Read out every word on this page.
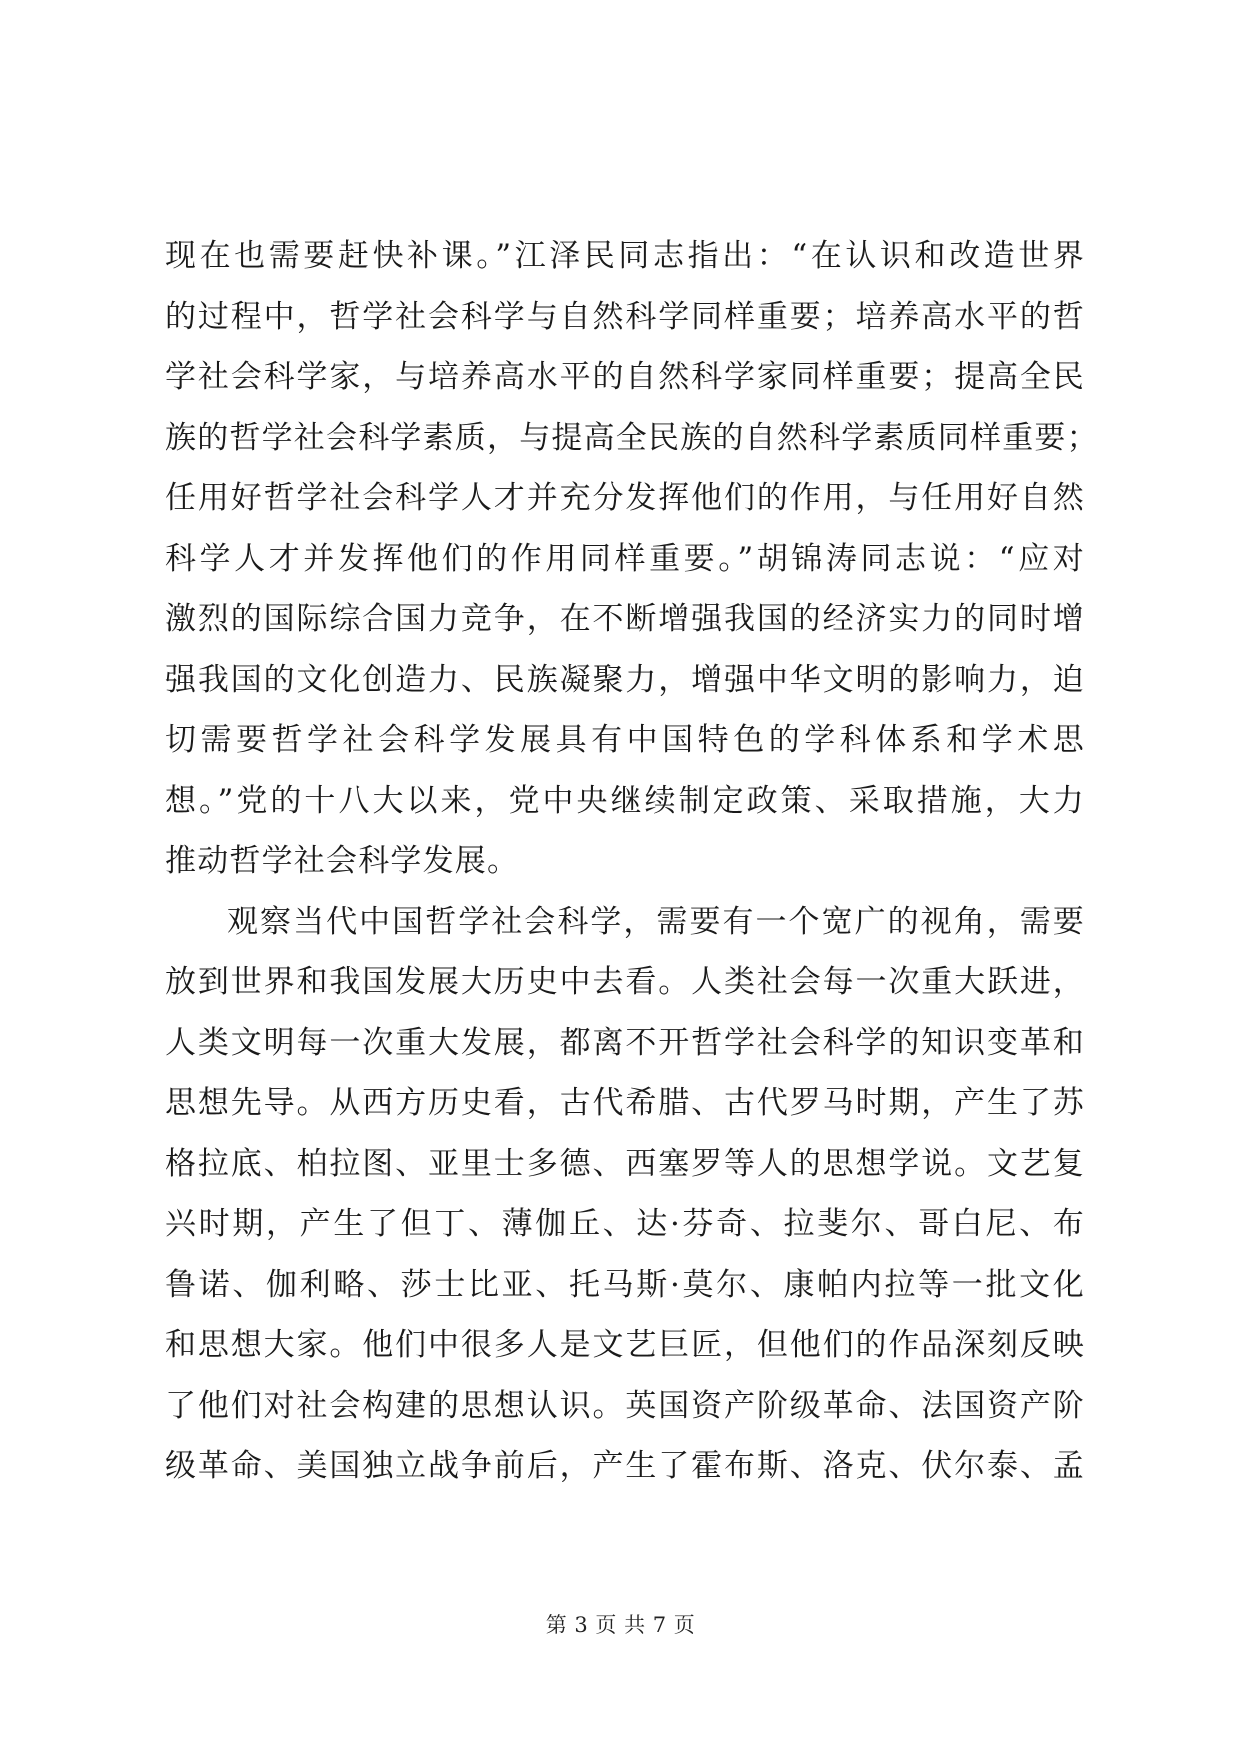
现在也需要赶快补课。”江泽民同志指出：“在认识和改造世界
的过程中，哲学社会科学与自然科学同样重要；培养高水平的哲
学社会科学家，与培养高水平的自然科学家同样重要；提高全民
族的哲学社会科学素质，与提高全民族的自然科学素质同样重要；
任用好哲学社会科学人才并充分发挥他们的作用，与任用好自然
科学人才并发挥他们的作用同样重要。”胡锦涛同志说：“应对
激烈的国际综合国力竞争，在不断增强我国的经济实力的同时增
强我国的文化创造力、民族凝聚力，增强中华文明的影响力，迫
切需要哲学社会科学发展具有中国特色的学科体系和学术思
想。”党的十八大以来，党中央继续制定政策、采取措施，大力
推动哲学社会科学发展。
观察当代中国哲学社会科学，需要有一个宽广的视角，需要
放到世界和我国发展大历史中去看。人类社会每一次重大跃进，
人类文明每一次重大发展，都离不开哲学社会科学的知识变革和
思想先导。从西方历史看，古代希腊、古代罗马时期，产生了苏
格拉底、柏拉图、亚里士多德、西塞罗等人的思想学说。文艺复
兴时期，产生了但丁、薄伽丘、达·芬奇、拉斐尔、哥白尼、布
鲁诺、伽利略、莎士比亚、托马斯·莫尔、康帕内拉等一批文化
和思想大家。他们中很多人是文艺巨匠，但他们的作品深刻反映
了他们对社会构建的思想认识。英国资产阶级革命、法国资产阶
级革命、美国独立战争前后，产生了霍布斯、洛克、伏尔泰、孟
第 3 页 共 7 页
